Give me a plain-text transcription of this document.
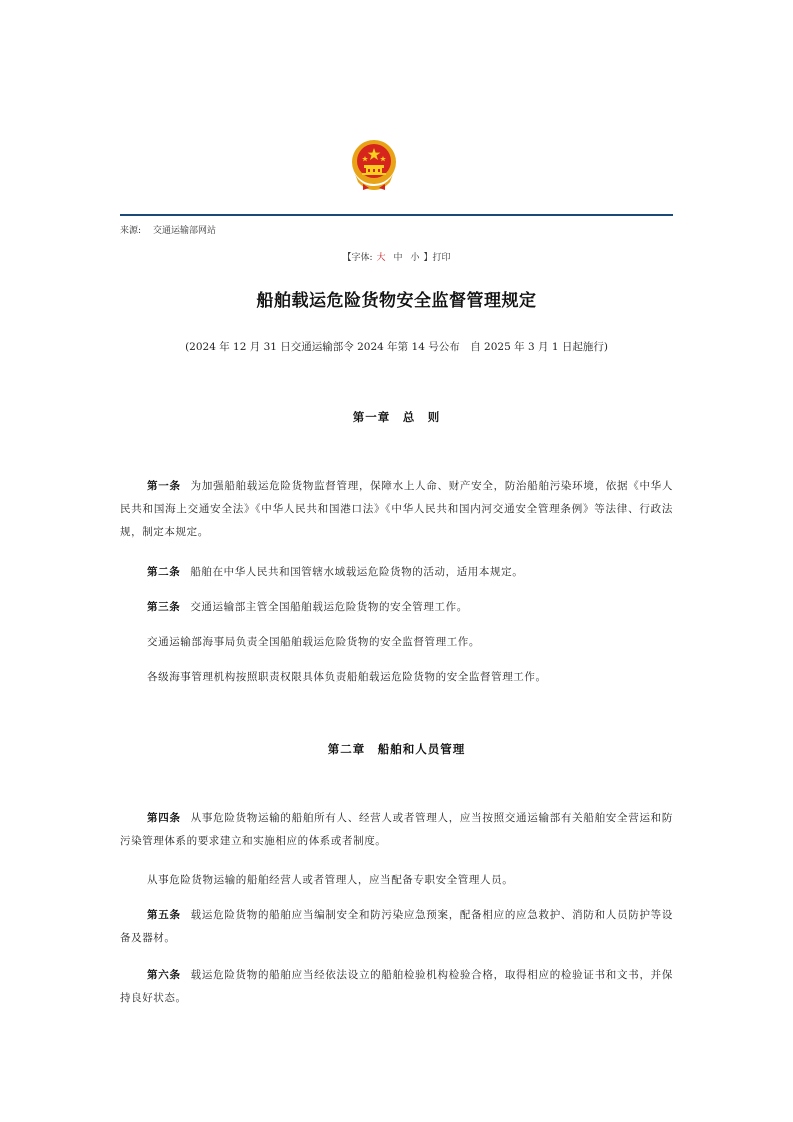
来源: 交通运输部网站
【字体: 大 中 小 】打印
船舶载运危险货物安全监督管理规定
(2024 年 12 月 31 日交通运输部令 2024 年第 14 号公布　自 2025 年 3 月 1 日起施行)
第一章　总　则

第一条 为加强船舶载运危险货物监督管理，保障水上人命、财产安全，防治船舶污染环境，依据《中华人民共和国海上交通安全法》《中华人民共和国港口法》《中华人民共和国内河交通安全管理条例》等法律、行政法规，制定本规定。

第二条 船舶在中华人民共和国管辖水域载运危险货物的活动，适用本规定。

第三条 交通运输部主管全国船舶载运危险货物的安全管理工作。

交通运输部海事局负责全国船舶载运危险货物的安全监督管理工作。

各级海事管理机构按照职责权限具体负责船舶载运危险货物的安全监督管理工作。

第二章　船舶和人员管理

第四条 从事危险货物运输的船舶所有人、经营人或者管理人，应当按照交通运输部有关船舶安全营运和防污染管理体系的要求建立和实施相应的体系或者制度。

从事危险货物运输的船舶经营人或者管理人，应当配备专职安全管理人员。

第五条 载运危险货物的船舶应当编制安全和防污染应急预案，配备相应的应急救护、消防和人员防护等设备及器材。

第六条 载运危险货物的船舶应当经依法设立的船舶检验机构检验合格，取得相应的检验证书和文书，并保持良好状态。
